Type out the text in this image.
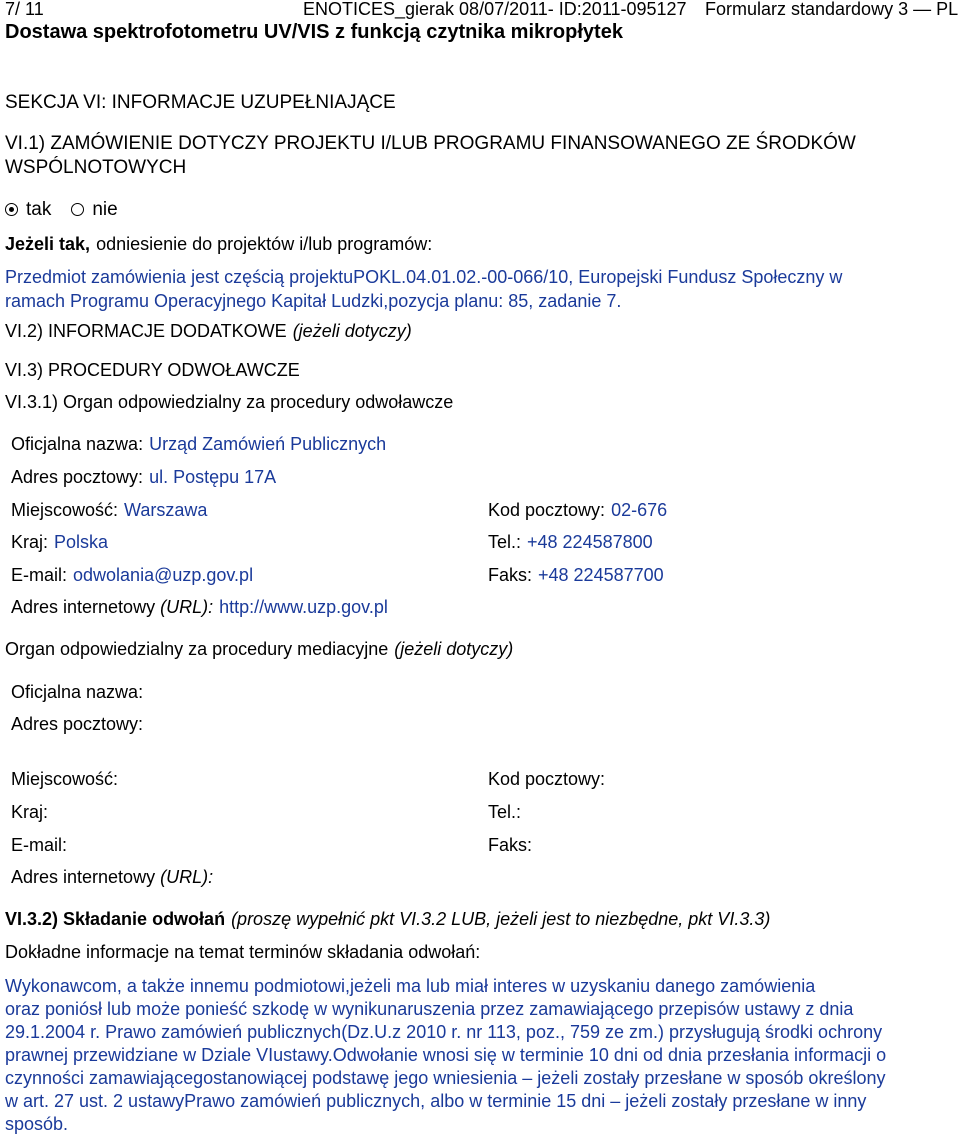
7/ 11	ENOTICES_gierak 08/07/2011- ID:2011-095127 Formularz standardowy 3 — PL
Dostawa spektrofotometru UV/VIS z funkcją czytnika mikropłytek
SEKCJA VI: INFORMACJE UZUPEŁNIAJĄCE
VI.1) ZAMÓWIENIE DOTYCZY PROJEKTU I/LUB PROGRAMU FINANSOWANEGO ZE ŚRODKÓW
WSPÓLNOTOWYCH
tak nie
Jeżeli tak, odniesienie do projektów i/lub programów:
Przedmiot zamówienia jest częścią projektuPOKL.04.01.02.-00-066/10, Europejski Fundusz Społeczny w
ramach Programu Operacyjnego Kapitał Ludzki,pozycja planu: 85, zadanie 7.
VI.2) INFORMACJE DODATKOWE (jeżeli dotyczy)
VI.3) PROCEDURY ODWOŁAWCZE
VI.3.1) Organ odpowiedzialny za procedury odwoławcze
Oficjalna nazwa: Urząd Zamówień Publicznych
Adres pocztowy: ul. Postępu 17A
Miejscowość: Warszawa	Kod pocztowy: 02-676
Kraj: Polska	Tel.: +48 224587800
E-mail: odwolania@uzp.gov.pl	Faks: +48 224587700
Adres internetowy (URL): http://www.uzp.gov.pl
Organ odpowiedzialny za procedury mediacyjne (jeżeli dotyczy)
Oficjalna nazwa:
Adres pocztowy:
Miejscowość:	Kod pocztowy:
Kraj:	Tel.:
E-mail:	Faks:
Adres internetowy (URL):
VI.3.2) Składanie odwołań (proszę wypełnić pkt VI.3.2 LUB, jeżeli jest to niezbędne, pkt VI.3.3)
Dokładne informacje na temat terminów składania odwołań:
Wykonawcom, a także innemu podmiotowi,jeżeli ma lub miał interes w uzyskaniu danego zamówienia
oraz poniósł lub może ponieść szkodę w wynikunaruszenia przez zamawiającego przepisów ustawy z dnia
29.1.2004 r. Prawo zamówień publicznych(Dz.U.z 2010 r. nr 113, poz., 759 ze zm.) przysługują środki ochrony
prawnej przewidziane w Dziale VIustawy.Odwołanie wnosi się w terminie 10 dni od dnia przesłania informacji o
czynności zamawiającegostanowiącej podstawę jego wniesienia – jeżeli zostały przesłane w sposób określony
w art. 27 ust. 2 ustawyPrawo zamówień publicznych, albo w terminie 15 dni – jeżeli zostały przesłane w inny
sposób.
